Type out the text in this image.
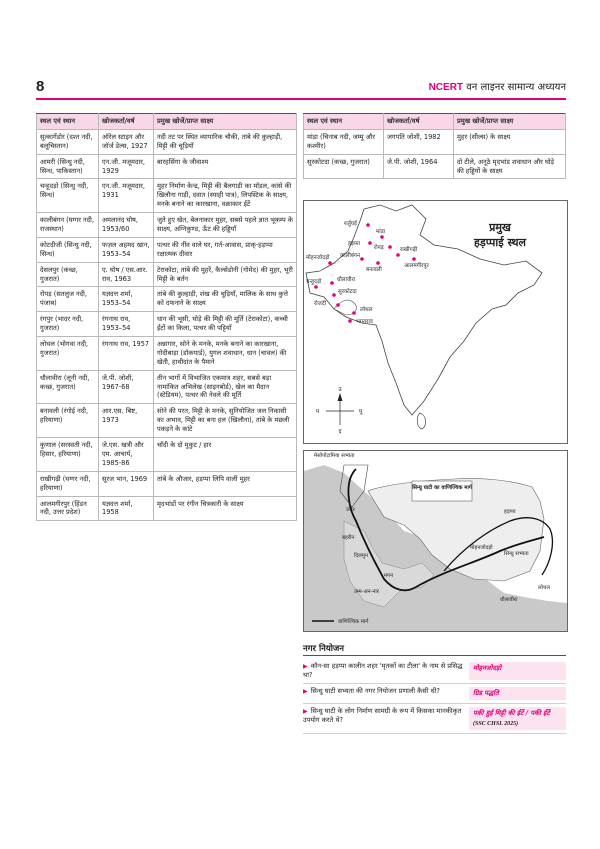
8	NCERT वन लाइनर सामान्य अध्ययन
स्थल एवं स्थान	खोजकर्ता/वर्ष	प्रमुख खोजें/प्राप्त साक्ष्य
सुत्कागेंडोर (दश्त नदी, बलूचिस्तान)	ऑरेल स्टाइन और जॉर्ज डेल्स, 1927	नदी तट पर स्थित व्यापारिक चौकी, तांबे की कुल्हाड़ी, मिट्टी की चूड़ियाँ
आमरी (सिन्धु नदी, सिन्ध, पाकिस्तान)	एन.जी. मजूमदार, 1929	बारहसिंगा के जीवाश्म
चन्हूदड़ो (सिन्धु नदी, सिन्ध)	एन.जी. मजूमदार, 1931	मुहर निर्माण केन्द्र, मिट्टी की बैलगाड़ी का मॉडल, कांसे की खिलौना गाड़ी, दवात (स्याही पात्र), लिपस्टिक के साक्ष्य, मनके बनाने का कारखाना, वक्राकार ईंटें
कालीबंगन (घग्गर नदी, राजस्थान)	अमलानंद घोष, 1953/60	जुते हुए खेत, बेलनाकार मुहर, सबसे पहले ज्ञात भूकम्प के साक्ष्य, अग्निकुण्ड, ऊँट की हड्डियाँ
कोटदीजी (सिन्धु नदी, सिन्ध)	फज़ल अहमद खान, 1953–54	पत्थर की नींव वाले घर, गर्त-आवास, प्राक्-हड़प्पा रक्षात्मक दीवार
देसलपुर (कच्छ, गुजरात)	ए. घोष / एस.आर. राव, 1963	टेराकोटा, तांबे की मुहरें, कैल्सेडोनी (गोमेद) की मुहर, भूरी मिट्टी के बर्तन
रोपड़ (सतलुज नदी, पंजाब)	यज्ञदत्त शर्मा, 1953–54	तांबे की कुल्हाड़ी, शंख की चूड़ियाँ, मालिक के साथ कुत्ते को दफनाने के साक्ष्य
रंगपुर (भादर नदी, गुजरात)	रंगनाथ राव, 1953–54	धान की भूसी, घोड़े की मिट्टी की मूर्ति (टेराकोटा), कच्ची ईंटों का किला, पत्थर की पट्टियाँ
लोथल (भोगवा नदी, गुजरात)	रंगनाथ राव, 1957	अन्नागार, सोने के मनके, मनके बनाने का कारखाना, गोदीबाड़ा (डॉकयार्ड), युगल शवाधान, धान (चावल) की खेती, हाथीदांत के पैमाने
धौलावीरा (लूनी नदी, कच्छ, गुजरात)	जे.पी. जोशी, 1967-68	तीन भागों में विभाजित एकमात्र शहर, सबसे बड़ा नामांकित अभिलेख (साइनबोर्ड), खेल का मैदान (स्टेडियम), पत्थर की नेवले की मूर्ति
बनावली (रंगोई नदी, हरियाणा)	आर.एस. बिष्ट, 1973	सोने की परत, मिट्टी के मनके, सुनियोजित जल निकासी का अभाव, मिट्टी का बना हल (खिलौना), तांबे के मछली पकड़ने के कांटे
कुणाल (सरस्वती नदी, हिसार, हरियाणा)	जे.एस. खत्री और एम. आचार्य, 1985-86	चाँदी के दो मुकुट / हार
राखीगढ़ी (घग्गर नदी, हरियाणा)	सूरज भान, 1969	तांबे के औजार, हड़प्पा लिपि वाली मुहर
आलमगीरपुर (हिंडन नदी, उत्तर प्रदेश)	यज्ञदत्त शर्मा, 1958	मृदभांडों पर रंगीन चित्रकारी के साक्ष्य
स्थल एवं स्थान	खोजकर्ता/वर्ष	प्रमुख खोजें/प्राप्त साक्ष्य
मांडा (चिनाब नदी, जम्मू और कश्मीर)	जगपति जोशी, 1982	मुहर (सील्स) के साक्ष्य
सुरकोटदा (कच्छ, गुजरात)	जे.पी. जोशी, 1964	दो टीले, अनूठे मृदभांड शवाधान और घोड़े की हड्डियों के साक्ष्य
शर्तुघई
हड़प्पा
मांडा
रोपड़
कालीबंगन
राखीगढ़ी
मोहनजोदड़ो
बनावली
आलमगीरपुर
चन्हूदड़ो	धौलावीरा
सुरकोटदा
रोजदी
लोथल
भगतराव
प्रमुख
हड़प्पाई स्थल
उ
द
पू
प
मेसोपोटामिया सभ्यता
सिन्धु घाटी का वाणिज्यिक मार्ग
हड़प्पा
उत्तर
मोहनजोदड़ो
बहरीन
दिलमुन
मगन
उम्म-अन-नार
सिन्धु सभ्यता
धौलावीरा
लोथल
वाणिज्यिक मार्ग
नगर नियोजन
▶ कौन-सा हड़प्पा कालीन शहर 'मृतकों का टीला' के नाम से प्रसिद्ध था?
मोहनजोदड़ो
▶ सिन्धु घाटी सभ्यता की नगर नियोजन प्रणाली कैसी थी?	ग्रिड पद्धति
▶ सिन्धु घाटी के लोग निर्माण सामग्री के रूप में किसका मानकीकृत उपयोग करते थे?
पकी हुई मिट्टी की ईंटें / पकी ईंटें
(SSC CHSL 2025)
